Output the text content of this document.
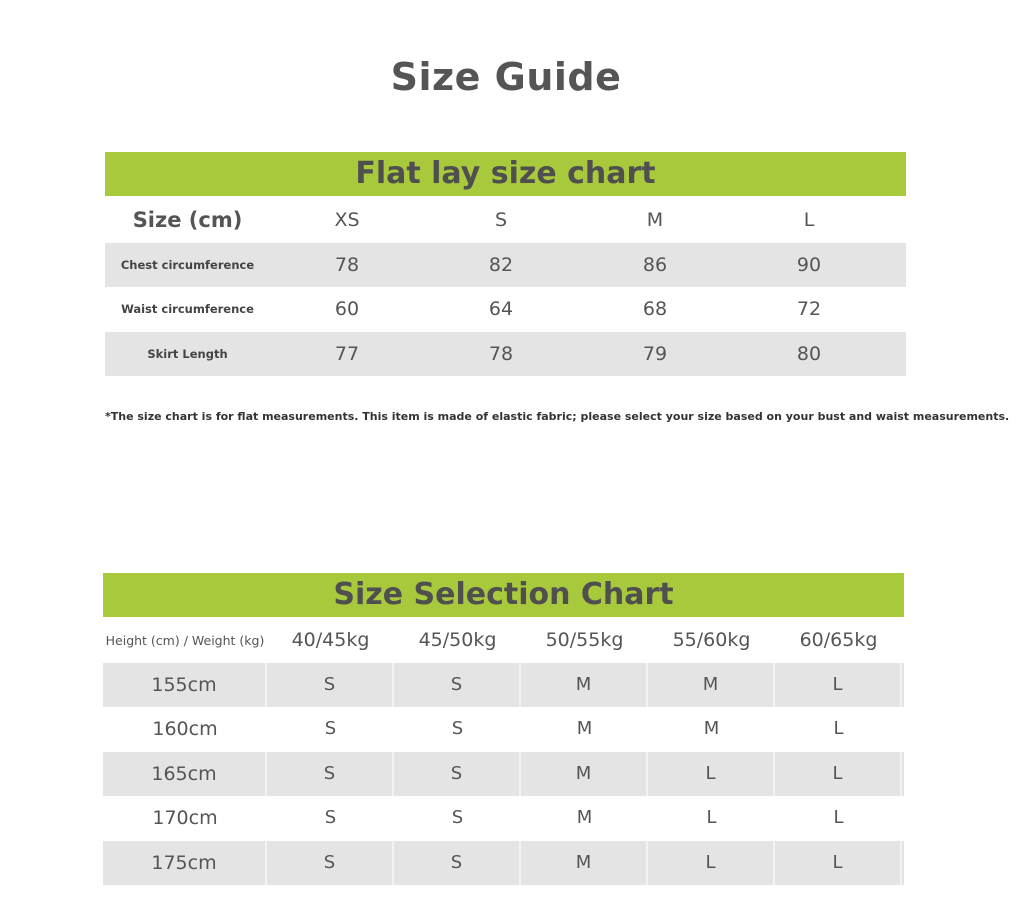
Size Guide
Flat lay size chart
Size (cm)	XS	S	M	L
Chest circumference	78	82	86	90
Waist circumference	60	64	68	72
Skirt Length	77	78	79	80
*The size chart is for flat measurements. This item is made of elastic fabric; please select your size based on your bust and waist measurements.
Size Selection Chart
Height (cm) / Weight (kg)	40/45kg	45/50kg	50/55kg	55/60kg	60/65kg
155cm	S	S	M	M	L
160cm	S	S	M	M	L
165cm	S	S	M	L	L
170cm	S	S	M	L	L
175cm	S	S	M	L	L
